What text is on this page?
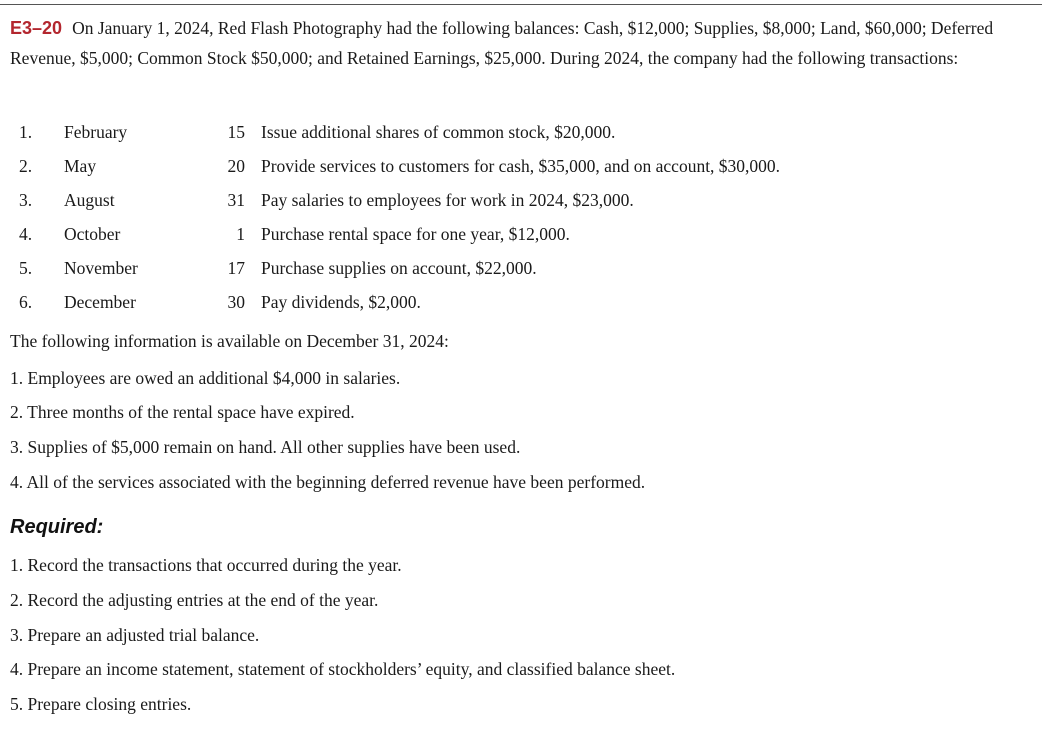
E3–20 On January 1, 2024, Red Flash Photography had the following balances: Cash, $12,000; Supplies, $8,000; Land, $60,000; Deferred Revenue, $5,000; Common Stock $50,000; and Retained Earnings, $25,000. During 2024, the company had the following transactions:

1. February	15 Issue additional shares of common stock, $20,000.
2. May	20 Provide services to customers for cash, $35,000, and on account, $30,000.
3. August	31 Pay salaries to employees for work in 2024, $23,000.
4. October	1 Purchase rental space for one year, $12,000.
5. November	17 Purchase supplies on account, $22,000.
6. December	30 Pay dividends, $2,000.
The following information is available on December 31, 2024:
1. Employees are owed an additional $4,000 in salaries.
2. Three months of the rental space have expired.
3. Supplies of $5,000 remain on hand. All other supplies have been used.
4. All of the services associated with the beginning deferred revenue have been performed.
Required:
1. Record the transactions that occurred during the year.
2. Record the adjusting entries at the end of the year.
3. Prepare an adjusted trial balance.
4. Prepare an income statement, statement of stockholders’ equity, and classified balance sheet.
5. Prepare closing entries.
